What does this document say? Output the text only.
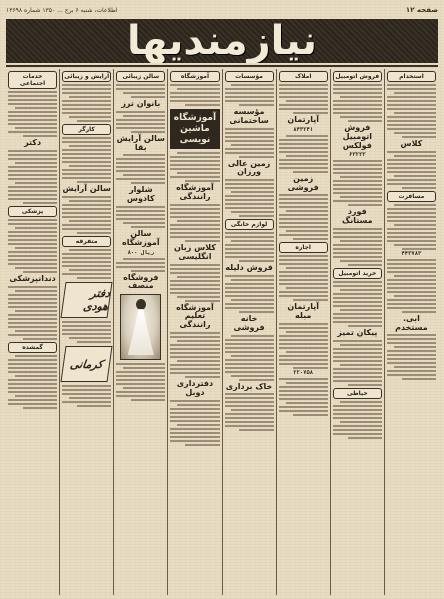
صفحه ۱۲
اطلاعات، شنبه ۶ برج ... ۱۳۵۰ شماره ۱۳۶۹۸
نیازمندیها
استخدام
کلاس
مسافرت
۴۴۳۷۸۳
ابی. مستخدم
فروش اتومبیل
فروش اتومبیل فولکس
۶۳۲۲۳
فورد مستانگ
خرید اتومبیل
پیکان تمیز
خیاطی
املاک
آپارتمان
۸۴۳۲۴۱
زمین فروشی
اجاره
آپارتمان مبله
۲۲۰۷۵۸
مؤسسات
مؤسسه ساختمانی
زمین عالی ورزان
لوازم خانگی
فروش دلیله
خانه فروشی
خاک برداری
آموزشگاه
آموزشگاه ماشین نویسی
آموزشگاه رانندگی
کلاس زبان انگلیسی
آموزشگاه تعلیم رانندگی
دفترداری دوبل
سالن زیبائی
بانوان ترز
سالن آرایش بقا
شلوار کادوس
سالن آموزشگاه
۸۰۰ ریال
فروشگاه منصف
آرایش و زیبائی
کارگر
سالن آرایش
متفرقه
دفتر هودی
کرمانی
خدمات اجتماعی
دکتر
پزشکی
دندانپزشکی
گمشده
